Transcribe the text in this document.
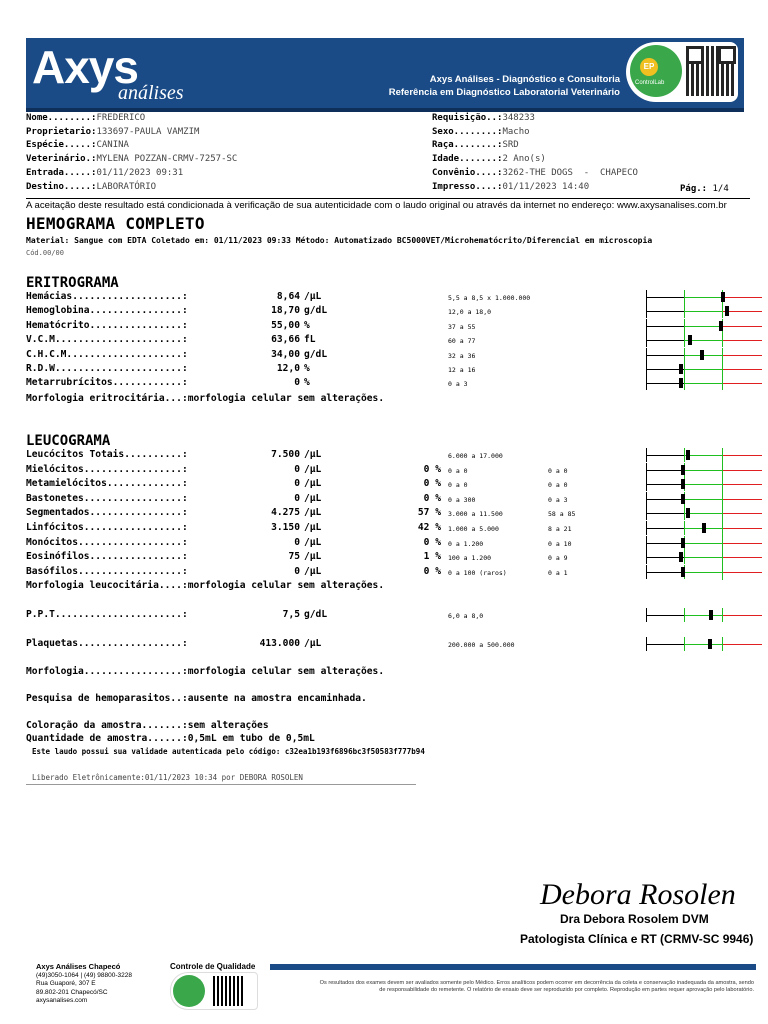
Axys
análises
Axys Análises - Diagnóstico e Consultoria
Referência em Diagnóstico Laboratorial Veterinário
EP
ControlLab
Nome........:FREDERICO
Proprietario:133697-PAULA VAMZIM
Espécie.....:CANINA
Veterinário.:MYLENA POZZAN-CRMV-7257-SC
Entrada.....:01/11/2023 09:31
Destino.....:LABORATÓRIO
Requisição..:348233
Sexo........:Macho
Raça........:SRD
Idade.......:2 Ano(s)
Convênio....:3262-THE DOGS  -  CHAPECO
Impresso....:01/11/2023 14:40	Pág.: 1/4
A aceitação deste resultado está condicionada à verificação de sua autenticidade com o laudo original ou através da internet no endereço: www.axysanalises.com.br
HEMOGRAMA COMPLETO
Material: Sangue com EDTA Coletado em: 01/11/2023 09:33 Método: Automatizado BC5000VET/Microhematócrito/Diferencial em microscopia
Cód.00/00
ERITROGRAMA
Hemácias...................:	8,64 /µL	5,5 a 8,5 x 1.000.000
Hemoglobina................:	18,70 g/dL	12,0 a 18,0
Hematócrito................:	55,00 %	37 a 55
V.C.M......................:	63,66 fL	60 a 77
C.H.C.M....................:	34,00 g/dL	32 a 36
R.D.W......................:	12,0 %	12 a 16
Metarrubrícitos............:	0 %	0 a 3
Morfologia eritrocitária...:morfologia celular sem alterações.
LEUCOGRAMA
Leucócitos Totais..........:	7.500 /µL	6.000 a 17.000
Mielócitos.................:	0 /µL	0 % 0 a 0	0 a 0
Metamielócitos.............:	0 /µL	0 % 0 a 0	0 a 0
Bastonetes.................:	0 /µL	0 % 0 a 300	0 a 3
Segmentados................:	4.275 /µL	57 % 3.000 a 11.500	58 a 85
Linfócitos.................:	3.150 /µL	42 % 1.000 a 5.000	8 a 21
Monócitos..................:	0 /µL	0 % 0 a 1.200	0 a 10
Eosinófilos................:	75 /µL	1 % 100 a 1.200	0 a 9
Basófilos..................:	0 /µL	0 % 0 a 100 (raros)	0 a 1
Morfologia leucocitária....:morfologia celular sem alterações.
P.P.T......................:	7,5 g/dL	6,0 a 8,0
Plaquetas..................:	413.000 /µL	200.000 a 500.000
Morfologia.................:morfologia celular sem alterações.
Pesquisa de hemoparasitos..:ausente na amostra encaminhada.
Coloração da amostra.......:sem alterações
Quantidade de amostra......:0,5mL em tubo de 0,5mL
Este laudo possui sua validade autenticada pelo código: c32ea1b193f6896bc3f50583f777b94
Liberado Eletrônicamente:01/11/2023 10:34 por DEBORA ROSOLEN
Debora Rosolen
Dra Debora Rosolem DVM
Patologista Clínica e RT (CRMV-SC 9946)
Axys Análises Chapecó
(49)3050-1064 | (49) 98800-3228
Rua Guaporé, 307 E
89.802-201 Chapecó/SC
axysanalises.com
Controle de Qualidade
Os resultados dos exames devem ser avaliados somente pelo Médico. Erros analíticos podem ocorrer em decorrência da coleta e conservação inadequada da amostra, sendo de responsabilidade do remetente. O relatório de ensaio deve ser reproduzido por completo. Reprodução em partes requer aprovação pelo laboratório.
